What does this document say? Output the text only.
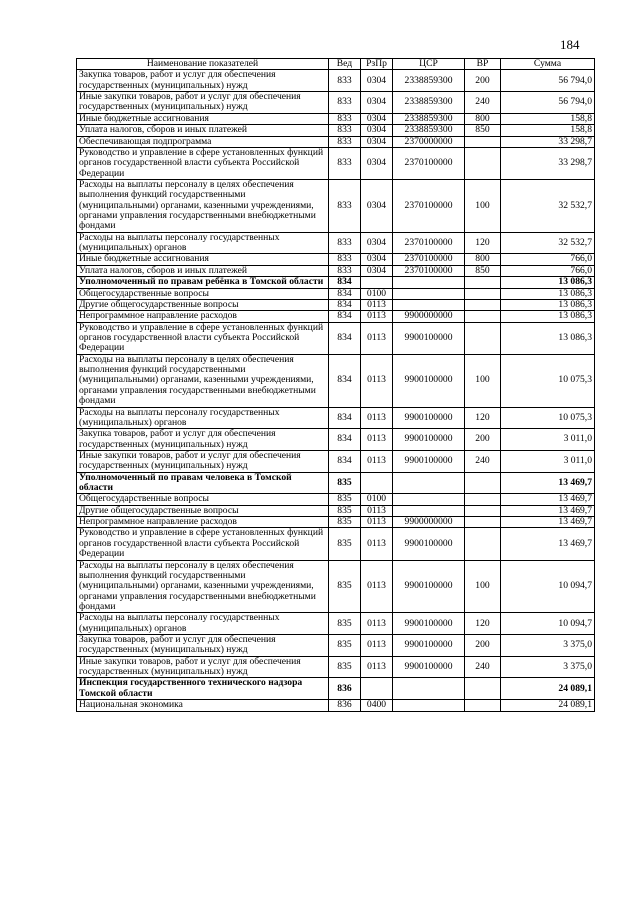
184
Наименование показателей	Вед	РзПр	ЦСР	ВР	Сумма
Закупка товаров, работ и услуг для обеспечения государственных (муниципальных) нужд	833	0304	2338859300	200	56 794,0
Иные закупки товаров, работ и услуг для обеспечения государственных (муниципальных) нужд	833	0304	2338859300	240	56 794,0
Иные бюджетные ассигнования	833	0304	2338859300	800	158,8
Уплата налогов, сборов и иных платежей	833	0304	2338859300	850	158,8
Обеспечивающая подпрограмма	833	0304	2370000000		33 298,7
Руководство и управление в сфере установленных функций органов государственной власти субъекта Российской Федерации	833	0304	2370100000		33 298,7
Расходы на выплаты персоналу в целях обеспечения выполнения функций государственными (муниципальными) органами, казенными учреждениями, органами управления государственными внебюджетными фондами	833	0304	2370100000	100	32 532,7
Расходы на выплаты персоналу государственных (муниципальных) органов	833	0304	2370100000	120	32 532,7
Иные бюджетные ассигнования	833	0304	2370100000	800	766,0
Уплата налогов, сборов и иных платежей	833	0304	2370100000	850	766,0
Уполномоченный по правам ребёнка в Томской области	834				13 086,3
Общегосударственные вопросы	834	0100			13 086,3
Другие общегосударственные вопросы	834	0113			13 086,3
Непрограммное направление расходов	834	0113	9900000000		13 086,3
Руководство и управление в сфере установленных функций органов государственной власти субъекта Российской Федерации	834	0113	9900100000		13 086,3
Расходы на выплаты персоналу в целях обеспечения выполнения функций государственными (муниципальными) органами, казенными учреждениями, органами управления государственными внебюджетными фондами	834	0113	9900100000	100	10 075,3
Расходы на выплаты персоналу государственных (муниципальных) органов	834	0113	9900100000	120	10 075,3
Закупка товаров, работ и услуг для обеспечения государственных (муниципальных) нужд	834	0113	9900100000	200	3 011,0
Иные закупки товаров, работ и услуг для обеспечения государственных (муниципальных) нужд	834	0113	9900100000	240	3 011,0
Уполномоченный по правам человека в Томской области	835				13 469,7
Общегосударственные вопросы	835	0100			13 469,7
Другие общегосударственные вопросы	835	0113			13 469,7
Непрограммное направление расходов	835	0113	9900000000		13 469,7
Руководство и управление в сфере установленных функций органов государственной власти субъекта Российской Федерации	835	0113	9900100000		13 469,7
Расходы на выплаты персоналу в целях обеспечения выполнения функций государственными (муниципальными) органами, казенными учреждениями, органами управления государственными внебюджетными фондами	835	0113	9900100000	100	10 094,7
Расходы на выплаты персоналу государственных (муниципальных) органов	835	0113	9900100000	120	10 094,7
Закупка товаров, работ и услуг для обеспечения государственных (муниципальных) нужд	835	0113	9900100000	200	3 375,0
Иные закупки товаров, работ и услуг для обеспечения государственных (муниципальных) нужд	835	0113	9900100000	240	3 375,0
Инспекция государственного технического надзора Томской области	836				24 089,1
Национальная экономика	836	0400			24 089,1
